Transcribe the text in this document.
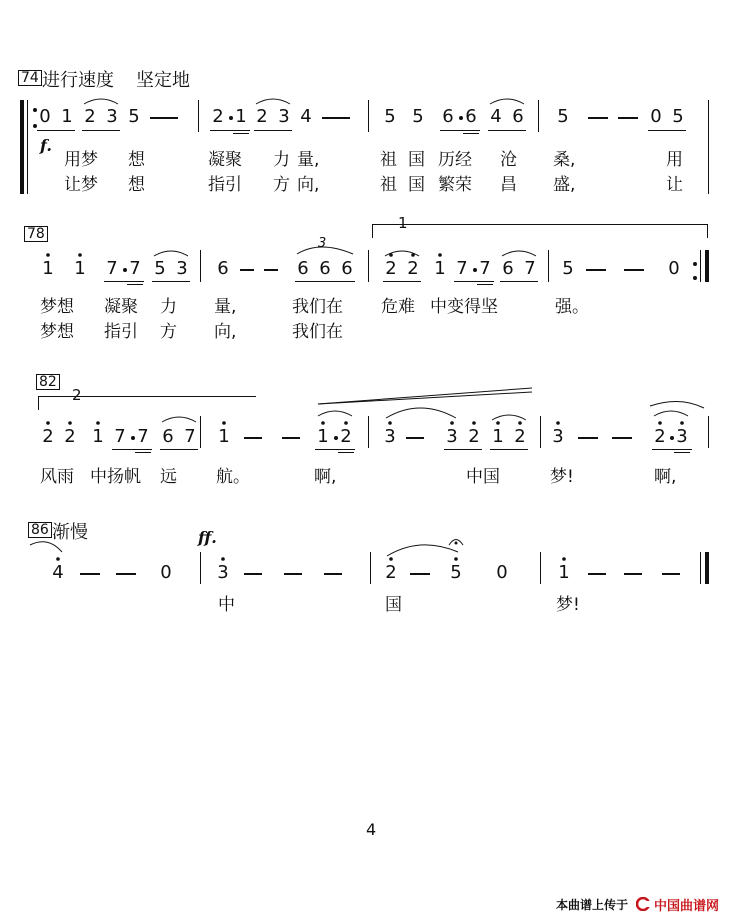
74 进行速度 坚定地
0 1 2 3 5	2 1 2 3 4	5 5 6 6 4 6 5	0 5
f.
用梦 想	凝聚 力 量,	祖 国 历经 沧 桑,	用
让梦 想	指引 方 向,	祖 国 繁荣 昌 盛,	让
78
1
1 1 7 7 5 3 6	6 6 6
3
2 2 1 7 7 6 7 5	0
梦想 凝聚 力 量,	我们在 危难 中变得坚	强。
梦想 指引 方 向,	我们在
82
2
2 2 1 7 7 6 7 1	1 2 3	3 2 1 2 3	2 3
风雨 中扬帆 远 航。	啊,	中国	梦!	啊,
86 渐慢	ff.
4	0	3	2	5 0	1
中	国	梦!
4
本曲谱上传于 中国曲谱网
